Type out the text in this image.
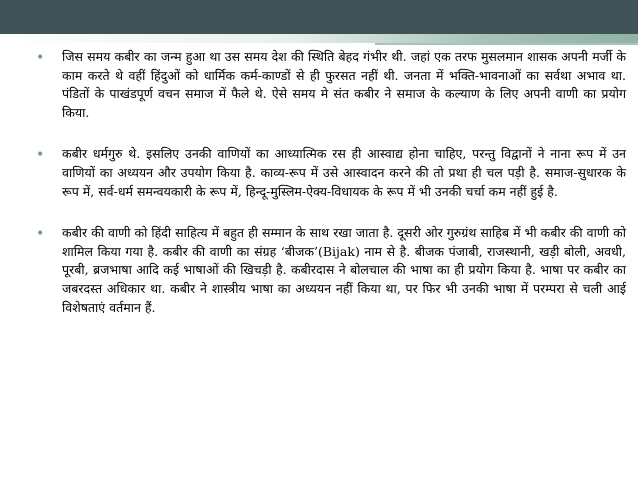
• जिस समय कबीर का जन्म हुआ था उस समय देश की स्थिति बेहद गंभीर थी. जहां एक तरफ मुसलमान शासक अपनी मर्जी के काम करते थे वहीं हिंदुओं को धार्मिक कर्म-काण्डों से ही फुरसत नहीं थी. जनता में भक्ति-भावनाओं का सर्वथा अभाव था. पंडितों के पाखंडपूर्ण वचन समाज में फैले थे. ऐसे समय मे संत कबीर ने समाज के कल्याण के लिए अपनी वाणी का प्रयोग किया.
• कबीर धर्मगुरु थे. इसलिए उनकी वाणियों का आध्यात्मिक रस ही आस्वाद्य होना चाहिए, परन्तु विद्वानों ने नाना रूप में उन वाणियों का अध्ययन और उपयोग किया है. काव्य-रूप में उसे आस्वादन करने की तो प्रथा ही चल पड़ी है. समाज-सुधारक के रूप में, सर्व-धर्म समन्वयकारी के रूप में, हिन्दू-मुस्लिम-ऐक्य-विधायक के रूप में भी उनकी चर्चा कम नहीं हुई है.
• कबीर की वाणी को हिंदी साहित्य में बहुत ही सम्मान के साथ रखा जाता है. दूसरी ओर गुरुग्रंथ साहिब में भी कबीर की वाणी को शामिल किया गया है. कबीर की वाणी का संग्रह ‘बीजक’(Bijak) नाम से है. बीजक पंजाबी, राजस्थानी, खड़ी बोली, अवधी, पूरबी, ब्रजभाषा आदि कई भाषाओं की खिचड़ी है. कबीरदास ने बोलचाल की भाषा का ही प्रयोग किया है. भाषा पर कबीर का जबरदस्त अधिकार था. कबीर ने शास्त्रीय भाषा का अध्ययन नहीं किया था, पर फिर भी उनकी भाषा में परम्परा से चली आई विशेषताएं वर्तमान हैं.
